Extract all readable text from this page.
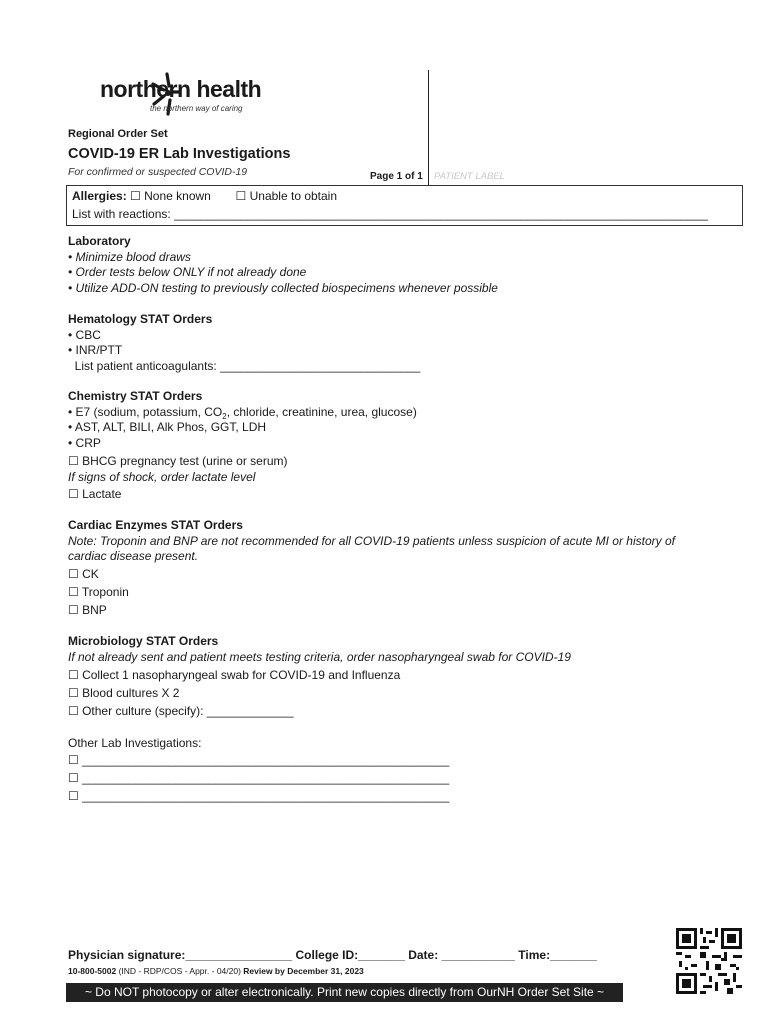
northern health
the northern way of caring
Regional Order Set
COVID-19 ER Lab Investigations
For confirmed or suspected COVID-19	Page 1 of 1 PATIENT LABEL
Allergies: ☐ None known ☐ Unable to obtain
List with reactions: ________________________________________________________________________________
Laboratory
• Minimize blood draws
• Order tests below ONLY if not already done
• Utilize ADD-ON testing to previously collected biospecimens whenever possible
Hematology STAT Orders
• CBC
• INR/PTT
List patient anticoagulants: ______________________________
Chemistry STAT Orders
• E7 (sodium, potassium, $CO_2$, chloride, creatinine, urea, glucose)
• AST, ALT, BILI, Alk Phos, GGT, LDH
• CRP
☐ BHCG pregnancy test (urine or serum)
If signs of shock, order lactate level
☐ Lactate
Cardiac Enzymes STAT Orders
Note: Troponin and BNP are not recommended for all COVID-19 patients unless suspicion of acute MI or history of
cardiac disease present.
☐ CK
☐ Troponin
☐ BNP
Microbiology STAT Orders
If not already sent and patient meets testing criteria, order nasopharyngeal swab for COVID-19
☐ Collect 1 nasopharyngeal swab for COVID-19 and Influenza
☐ Blood cultures X 2
☐ Other culture (specify): _____________
Other Lab Investigations:
☐ _______________________________________________________
☐ _______________________________________________________
☐ _______________________________________________________
Physician signature:________________ College ID:_______ Date: ___________ Time:_______
10-800-5002 (IND - RDP/COS - Appr. - 04/20) Review by December 31, 2023
~ Do NOT photocopy or alter electronically. Print new copies directly from OurNH Order Set Site ~
